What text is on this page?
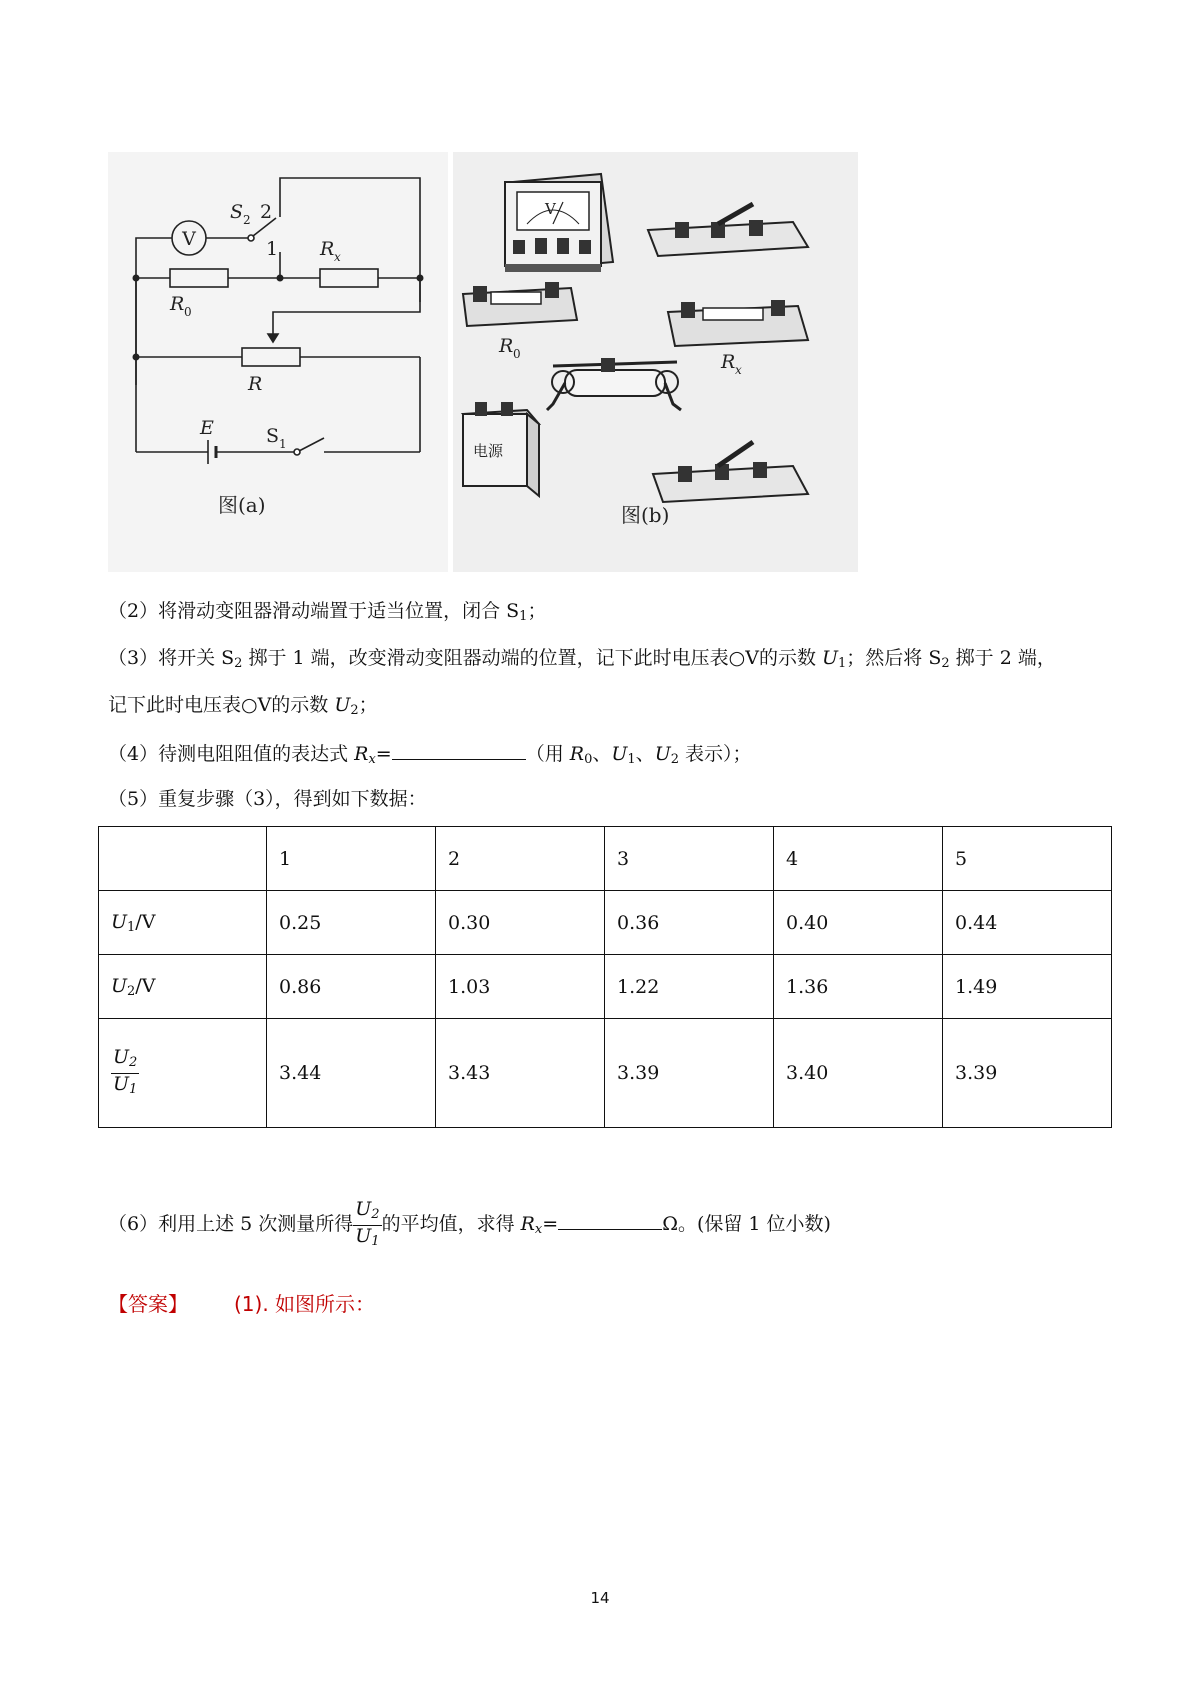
V
S 2 2
1 R x
R 0
R
E	S 1
图(a)
V
R 0	R x
电源
图(b)
（2）将滑动变阻器滑动端置于适当位置，闭合 $S_1$；
（3）将开关 $S_2$ 掷于 1 端，改变滑动变阻器动端的位置，记下此时电压表○V的示数 $U_1$；然后将 $S_2$ 掷于 2 端，
记下此时电压表○V的示数 $U_2$；
（4）待测电阻阻值的表达式 $R_x=$	（用 $R_0$、$U_1$、$U_2$ 表示）；
（5）重复步骤（3），得到如下数据：
	1	2	3	4	5
$U_1/V$	0.25	0.30	0.36	0.40	0.44
$U_2/V$	0.86	1.03	1.22	1.36	1.49

$\frac{U_2}{U_1}$	3.44	3.43	3.39	3.40	3.39
（6）利用上述 5 次测量所得 $\frac{U_2}{U_1}$ 的平均值，求得 $R_x=$	Ω。(保留 1 位小数)
【答案】 (1). 如图所示：
14
